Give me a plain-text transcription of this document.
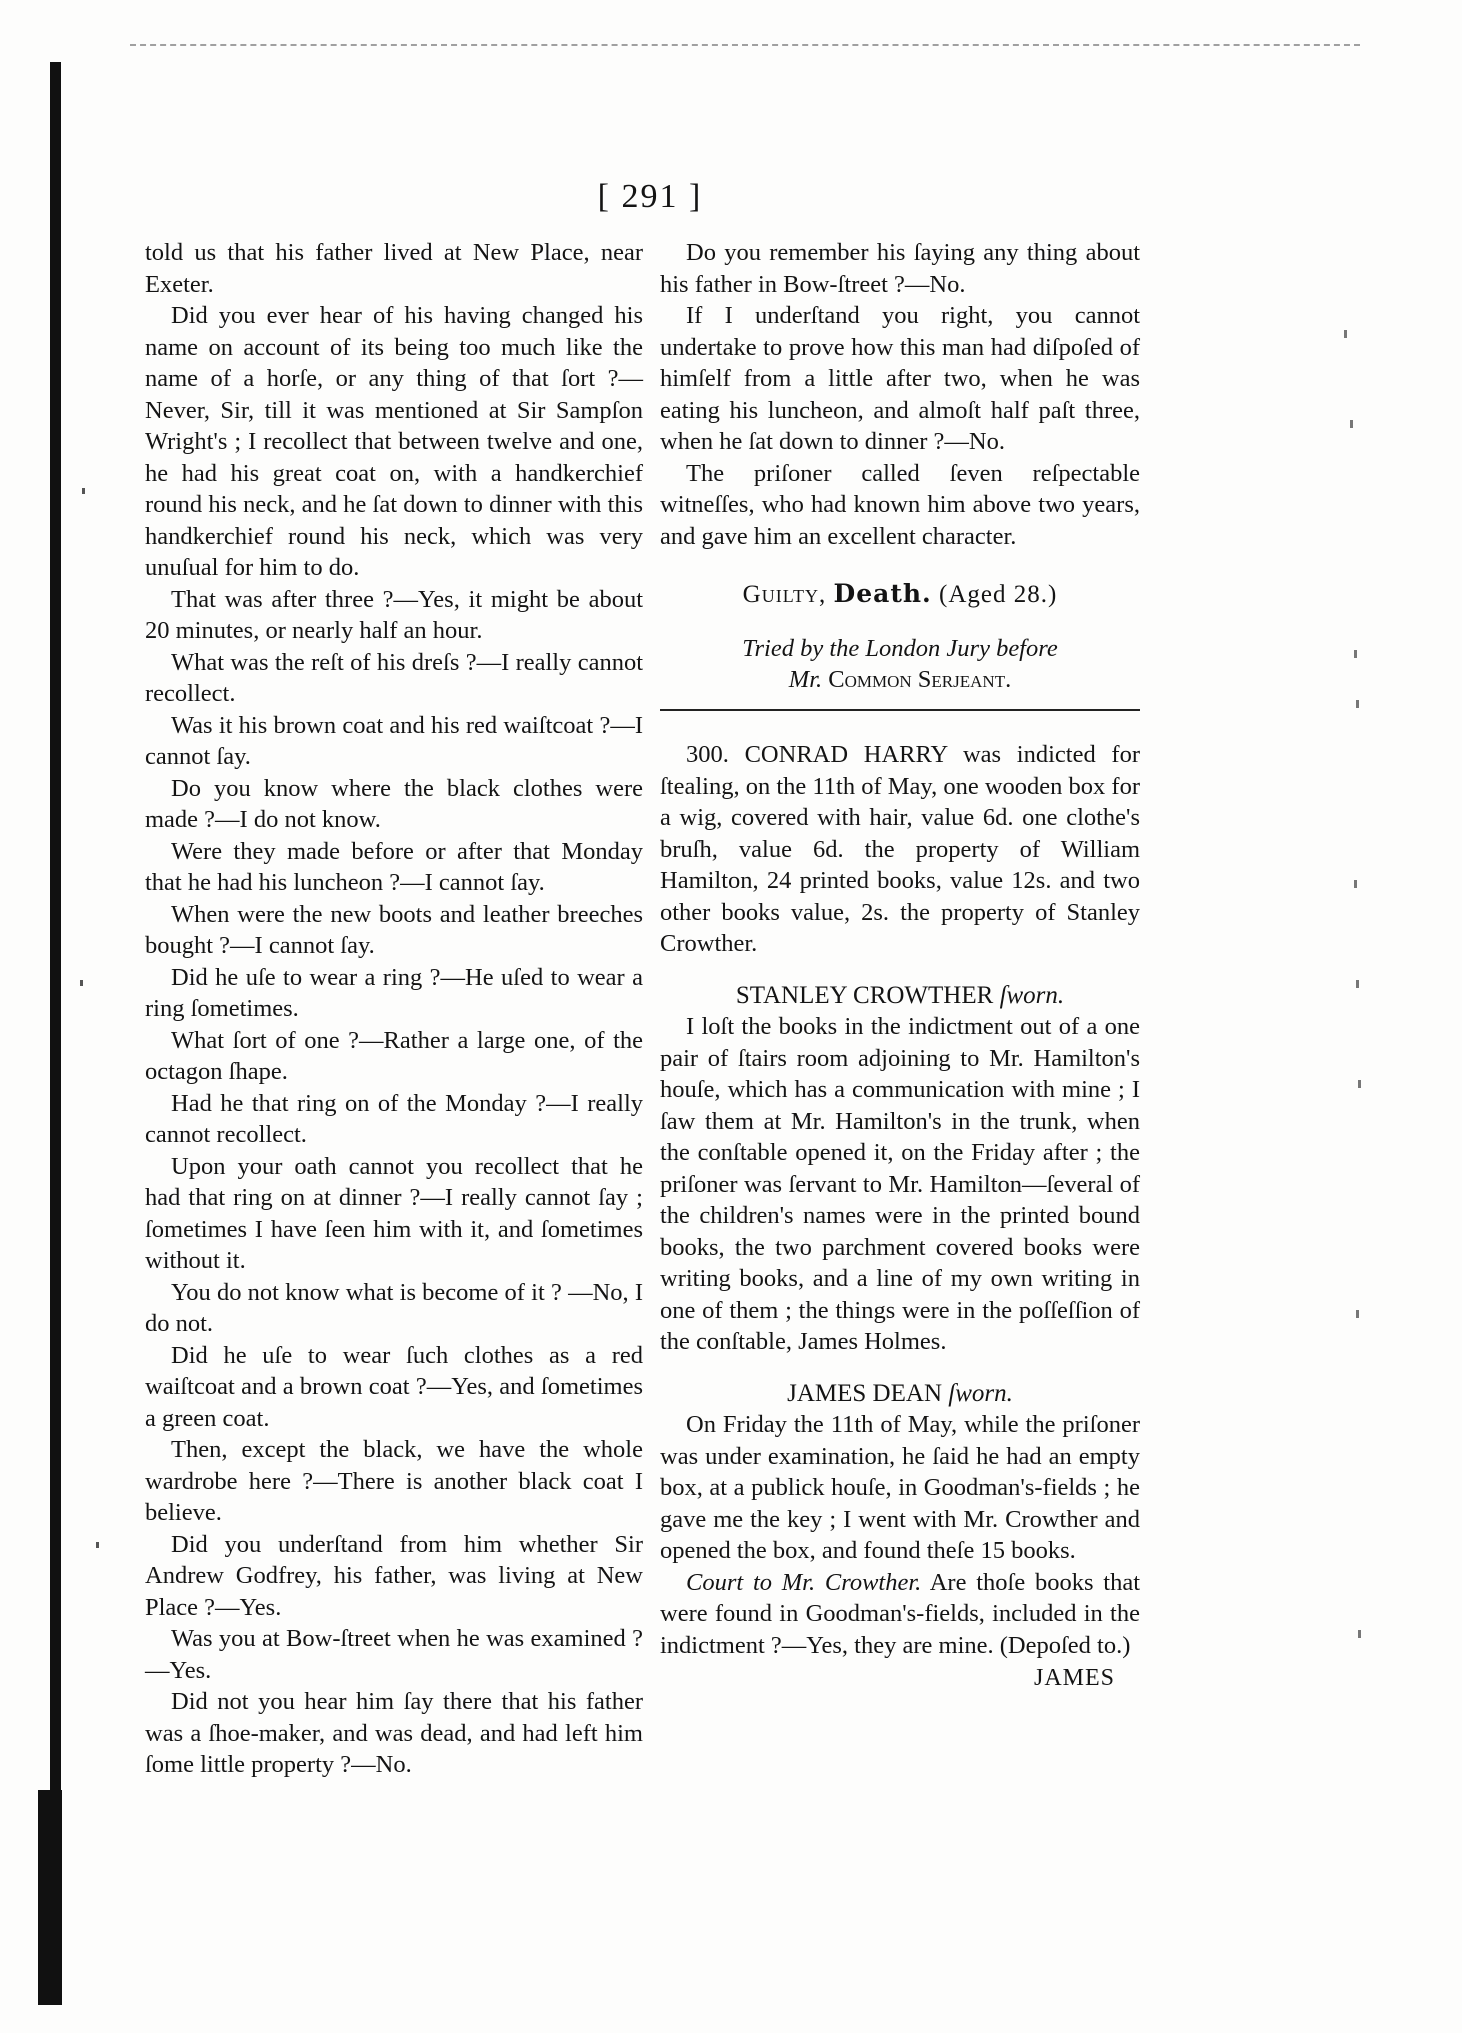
[ 291 ]

told us that his father lived at New Place, near Exeter.

Did you ever hear of his having changed his name on account of its being too much like the name of a horſe, or any thing of that ſort ?—Never, Sir, till it was mentioned at Sir Sampſon Wright's ; I recollect that between twelve and one, he had his great coat on, with a handkerchief round his neck, and he ſat down to dinner with this handkerchief round his neck, which was very unuſual for him to do.

That was after three ?—Yes, it might be about 20 minutes, or nearly half an hour.

What was the reſt of his dreſs ?—I really cannot recollect.

Was it his brown coat and his red waiſtcoat ?—I cannot ſay.

Do you know where the black clothes were made ?—I do not know.

Were they made before or after that Monday that he had his luncheon ?—I cannot ſay.

When were the new boots and leather breeches bought ?—I cannot ſay.

Did he uſe to wear a ring ?—He uſed to wear a ring ſometimes.

What ſort of one ?—Rather a large one, of the octagon ſhape.

Had he that ring on of the Monday ?—I really cannot recollect.

Upon your oath cannot you recollect that he had that ring on at dinner ?—I really cannot ſay ; ſometimes I have ſeen him with it, and ſometimes without it.

You do not know what is become of it ? —No, I do not.

Did he uſe to wear ſuch clothes as a red waiſtcoat and a brown coat ?—Yes, and ſometimes a green coat.

Then, except the black, we have the whole wardrobe here ?—There is another black coat I believe.

Did you underſtand from him whether Sir Andrew Godfrey, his father, was living at New Place ?—Yes.

Was you at Bow-ſtreet when he was examined ?—Yes.

Did not you hear him ſay there that his father was a ſhoe-maker, and was dead, and had left him ſome little property ?—No.

Do you remember his ſaying any thing about his father in Bow-ſtreet ?—No.

If I underſtand you right, you cannot undertake to prove how this man had diſpoſed of himſelf from a little after two, when he was eating his luncheon, and almoſt half paſt three, when he ſat down to dinner ?—No.

The priſoner called ſeven reſpectable witneſſes, who had known him above two years, and gave him an excellent character.

Guilty, Death. (Aged 28.)

Tried by the London Jury before

Mr. Common Serjeant.

300. CONRAD HARRY was indicted for ſtealing, on the 11th of May, one wooden box for a wig, covered with hair, value 6d. one clothe's bruſh, value 6d. the property of William Hamilton, 24 printed books, value 12s. and two other books value, 2s. the property of Stanley Crowther.

STANLEY CROWTHER ſworn.

I loſt the books in the indictment out of a one pair of ſtairs room adjoining to Mr. Hamilton's houſe, which has a communication with mine ; I ſaw them at Mr. Hamilton's in the trunk, when the conſtable opened it, on the Friday after ; the priſoner was ſervant to Mr. Hamilton—ſeveral of the children's names were in the printed bound books, the two parchment covered books were writing books, and a line of my own writing in one of them ; the things were in the poſſeſſion of the conſtable, James Holmes.

JAMES DEAN ſworn.

On Friday the 11th of May, while the priſoner was under examination, he ſaid he had an empty box, at a publick houſe, in Goodman's-fields ; he gave me the key ; I went with Mr. Crowther and opened the box, and found theſe 15 books.

Court to Mr. Crowther. Are thoſe books that were found in Goodman's-fields, included in the indictment ?—Yes, they are mine. (Depoſed to.)

JAMES
